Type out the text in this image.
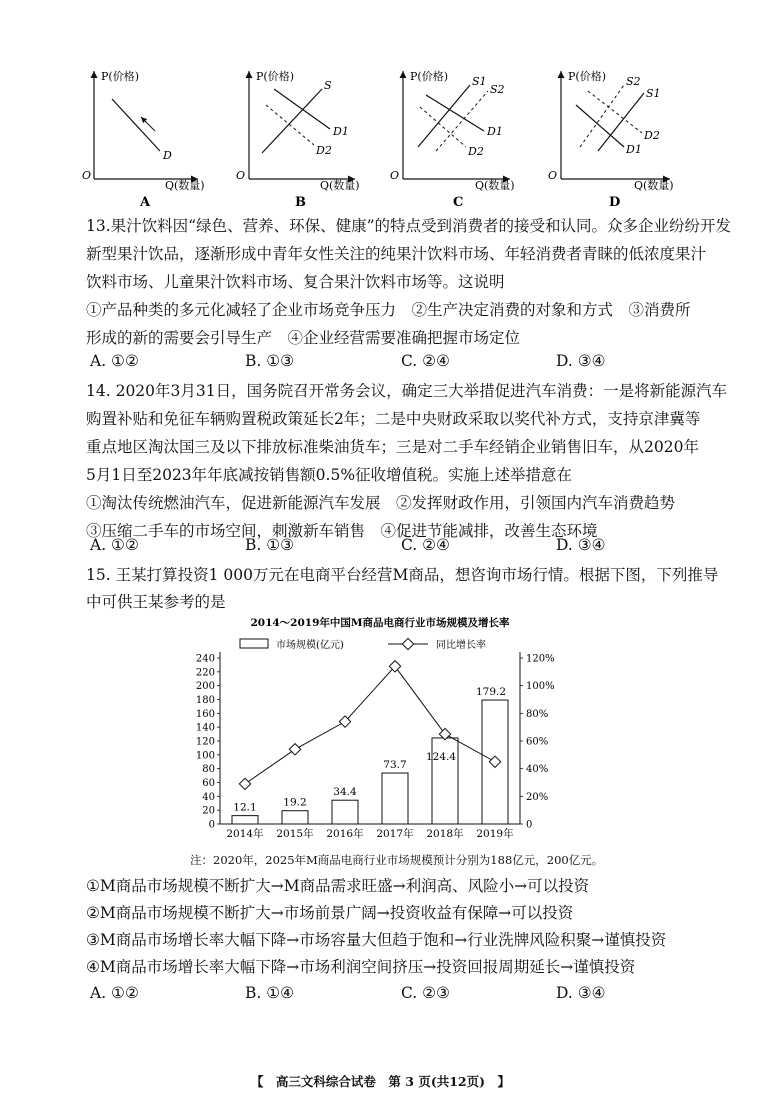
P(价格)
O
Q(数量)
D
P(价格)
O
Q(数量)
S
D1
D2
P(价格)
O
Q(数量)
S1
S2
D1
D2
P(价格)
O
Q(数量)
S2
S1
D2
D1
A	B	C	D
13.果汁饮料因“绿色、营养、环保、健康”的特点受到消费者的接受和认同。众多企业纷纷开发
新型果汁饮品，逐渐形成中青年女性关注的纯果汁饮料市场、年轻消费者青睐的低浓度果汁
饮料市场、儿童果汁饮料市场、复合果汁饮料市场等。这说明
①产品种类的多元化减轻了企业市场竞争压力　②生产决定消费的对象和方式　③消费所
形成的新的需要会引导生产　④企业经营需要准确把握市场定位
A. ①②	B. ①③	C. ②④	D. ③④
14. 2020年3月31日，国务院召开常务会议，确定三大举措促进汽车消费：一是将新能源汽车
购置补贴和免征车辆购置税政策延长2年；二是中央财政采取以奖代补方式，支持京津冀等
重点地区淘汰国三及以下排放标准柴油货车；三是对二手车经销企业销售旧车，从2020年
5月1日至2023年年底减按销售额0.5%征收增值税。实施上述举措意在
①淘汰传统燃油汽车，促进新能源汽车发展　②发挥财政作用，引领国内汽车消费趋势
③压缩二手车的市场空间，刺激新车销售　④促进节能减排，改善生态环境
A. ①②	B. ①③	C. ②④	D. ③④
15. 王某打算投资1 000万元在电商平台经营M商品，想咨询市场行情。根据下图，下列推导
中可供王某参考的是
2014～2019年中国M商品电商行业市场规模及增长率
市场规模(亿元)	同比增长率
0
20
40
60
80
100
120
140
160
180
200
220
240
0
20%
40%
60%
80%
100%
120%
12.1
2014年
19.2
2015年
34.4
2016年
73.7
2017年
124.4
2018年
179.2
2019年
注：2020年，2025年M商品电商行业市场规模预计分别为188亿元，200亿元。
①M商品市场规模不断扩大→M商品需求旺盛→利润高、风险小→可以投资
②M商品市场规模不断扩大→市场前景广阔→投资收益有保障→可以投资
③M商品市场增长率大幅下降→市场容量大但趋于饱和→行业洗牌风险积聚→谨慎投资
④M商品市场增长率大幅下降→市场利润空间挤压→投资回报周期延长→谨慎投资
A. ①②	B. ①④	C. ②③	D. ③④
【　高三文科综合试卷　第 3 页(共12页)　】
